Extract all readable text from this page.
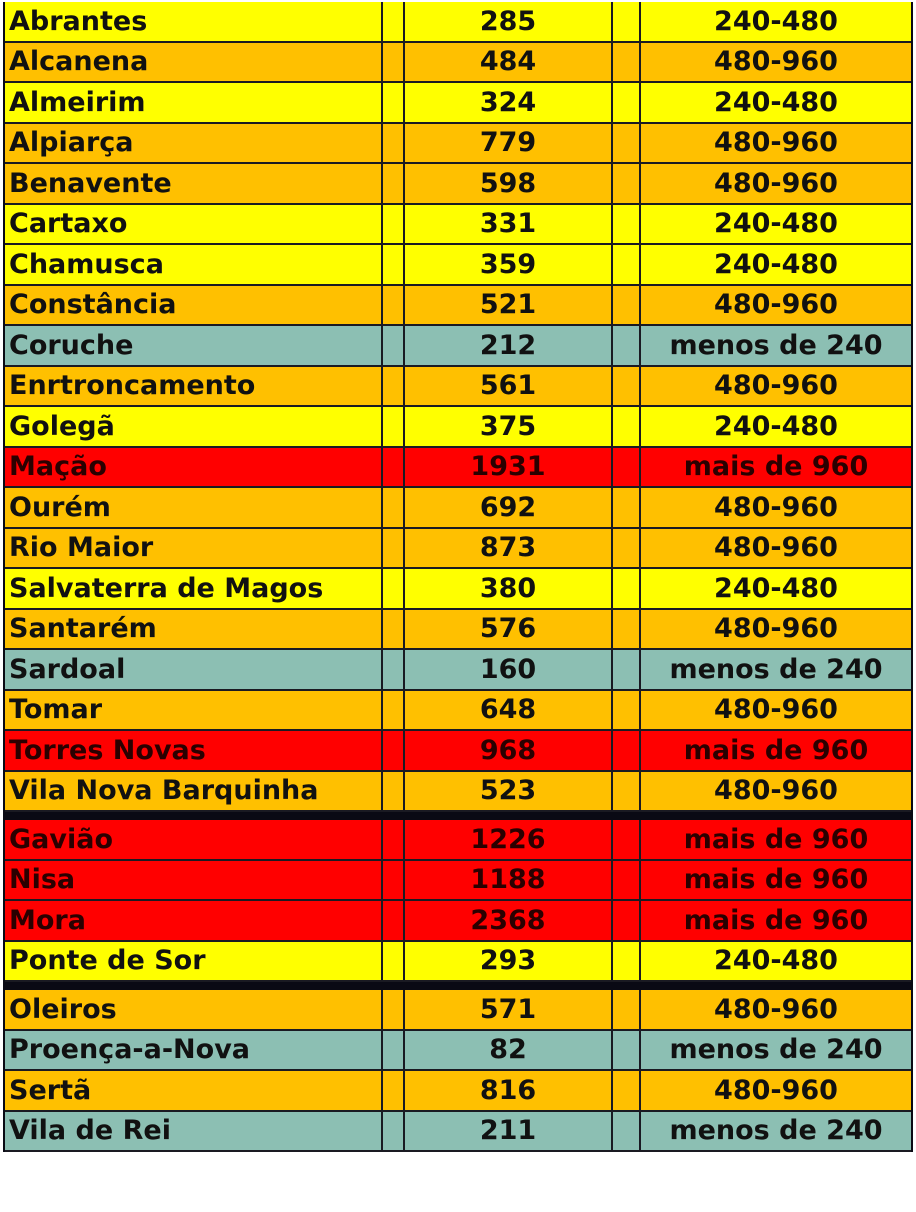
Abrantes	285	240-480
Alcanena	484	480-960
Almeirim	324	240-480
Alpiarça	779	480-960
Benavente	598	480-960
Cartaxo	331	240-480
Chamusca	359	240-480
Constância	521	480-960
Coruche	212	menos de 240
Enrtroncamento	561	480-960
Golegã	375	240-480
Mação	1931	mais de 960
Ourém	692	480-960
Rio Maior	873	480-960
Salvaterra de Magos	380	240-480
Santarém	576	480-960
Sardoal	160	menos de 240
Tomar	648	480-960
Torres Novas	968	mais de 960
Vila Nova Barquinha	523	480-960
Gavião	1226	mais de 960
Nisa	1188	mais de 960
Mora	2368	mais de 960
Ponte de Sor	293	240-480
Oleiros	571	480-960
Proença-a-Nova	82	menos de 240
Sertã	816	480-960
Vila de Rei	211	menos de 240
